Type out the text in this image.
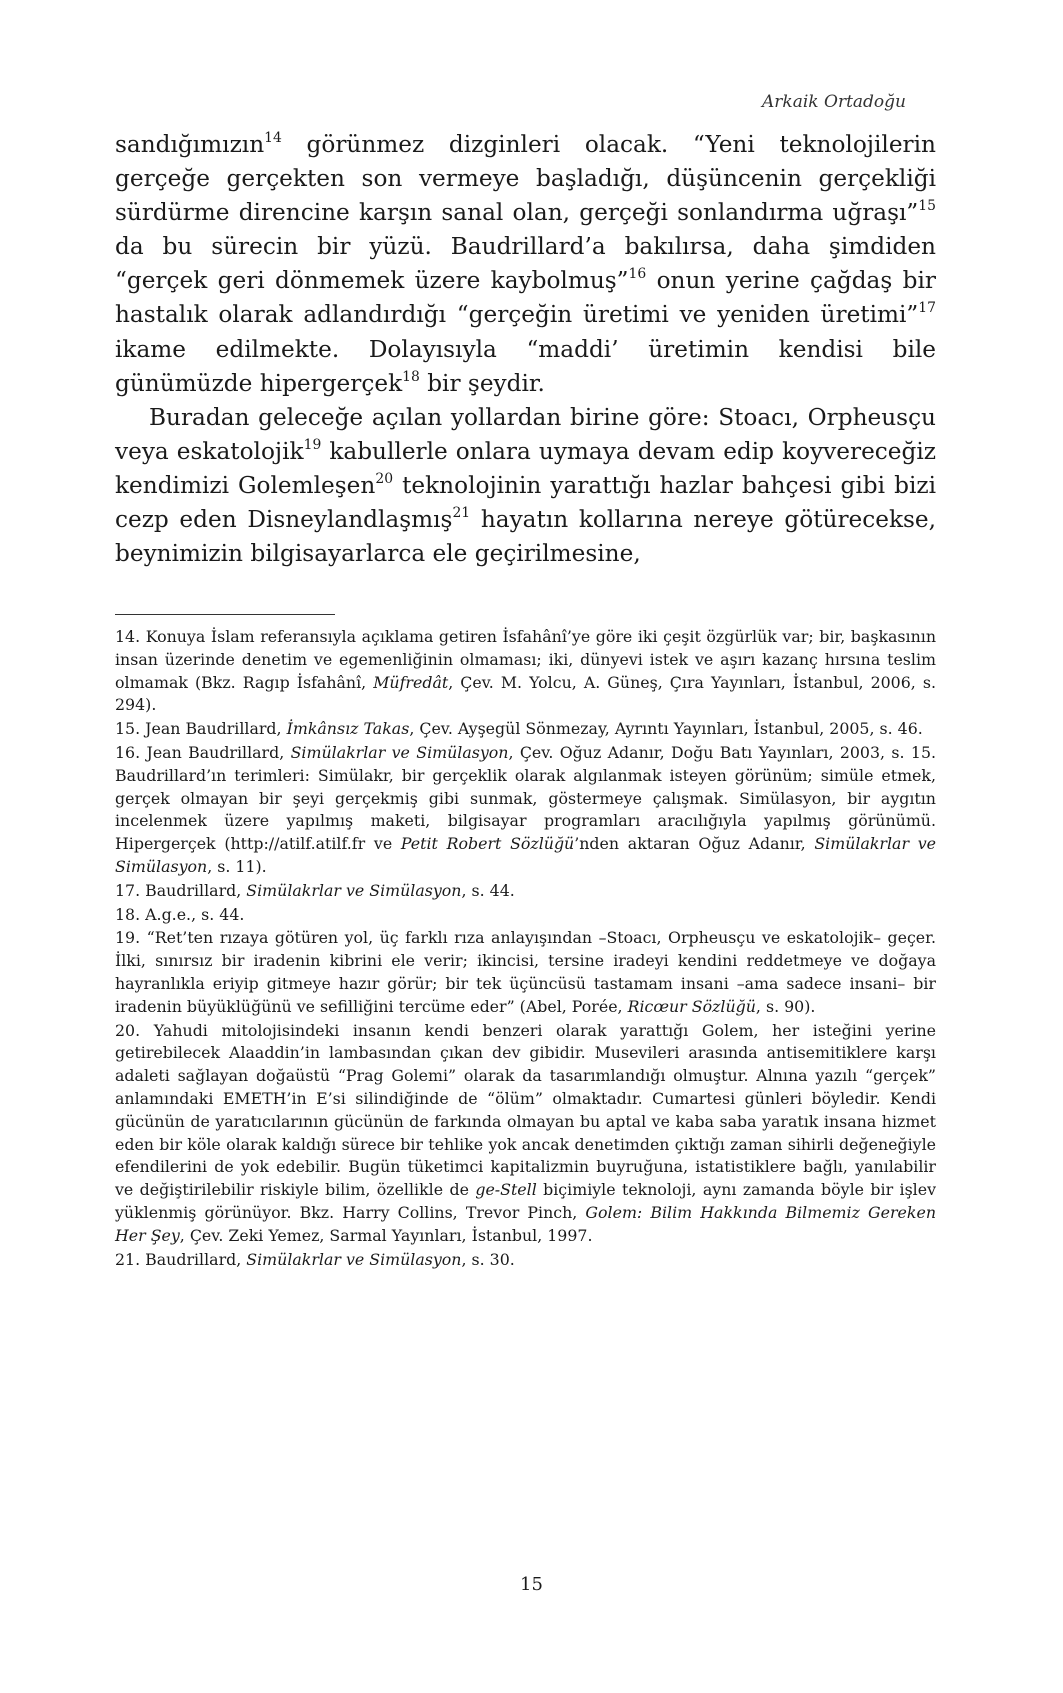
Arkaik Ortadoğu

sandığımızın$^{14}$ görünmez dizginleri olacak. “Yeni teknolojilerin gerçeğe gerçekten son vermeye başladığı, düşüncenin gerçekliği sürdürme direncine karşın sanal olan, gerçeği sonlandırma uğraşı”$^{15}$ da bu sürecin bir yüzü. Baudrillard’a bakılırsa, daha şimdiden “gerçek geri dönmemek üzere kaybolmuş”$^{16}$ onun yerine çağdaş bir hastalık olarak adlandırdığı “gerçeğin üretimi ve yeniden üretimi”$^{17}$ ikame edilmekte. Dolayısıyla “maddi’ üretimin kendisi bile günümüzde hipergerçek$^{18}$ bir şeydir.

Buradan geleceğe açılan yollardan birine göre: Stoacı, Orpheusçu veya eskatolojik$^{19}$ kabullerle onlara uymaya devam edip koyvereceğiz kendimizi Golemleşen$^{20}$ teknolojinin yarattığı hazlar bahçesi gibi bizi cezp eden Disneylandlaşmış$^{21}$ hayatın kollarına nereye götürecekse, beynimizin bilgisayarlarca ele geçirilmesine,

14. Konuya İslam referansıyla açıklama getiren İsfahânî’ye göre iki çeşit özgürlük var; bir, başkasının insan üzerinde denetim ve egemenliğinin olmaması; iki, dünyevi istek ve aşırı kazanç hırsına teslim olmamak (Bkz. Ragıp İsfahânî, Müfredât, Çev. M. Yolcu, A. Güneş, Çıra Yayınları, İstanbul, 2006, s. 294).

15. Jean Baudrillard, İmkânsız Takas, Çev. Ayşegül Sönmezay, Ayrıntı Yayınları, İstanbul, 2005, s. 46.

16. Jean Baudrillard, Simülakrlar ve Simülasyon, Çev. Oğuz Adanır, Doğu Batı Yayınları, 2003, s. 15. Baudrillard’ın terimleri: Simülakr, bir gerçeklik olarak algılanmak isteyen görünüm; simüle etmek, gerçek olmayan bir şeyi gerçekmiş gibi sunmak, göstermeye çalışmak. Simülasyon, bir aygıtın incelenmek üzere yapılmış maketi, bilgisayar programları aracılığıyla yapılmış görünümü. Hipergerçek (http://atilf.atilf.fr ve Petit Robert Sözlüğü’nden aktaran Oğuz Adanır, Simülakrlar ve Simülasyon, s. 11).

17. Baudrillard, Simülakrlar ve Simülasyon, s. 44.

18. A.g.e., s. 44.

19. “Ret’ten rızaya götüren yol, üç farklı rıza anlayışından –Stoacı, Orpheusçu ve eskatolojik– geçer. İlki, sınırsız bir iradenin kibrini ele verir; ikincisi, tersine iradeyi kendini reddetmeye ve doğaya hayranlıkla eriyip gitmeye hazır görür; bir tek üçüncüsü tastamam insani –ama sadece insani– bir iradenin büyüklüğünü ve sefilliğini tercüme eder” (Abel, Porée, Ricœur Sözlüğü, s. 90).

20. Yahudi mitolojisindeki insanın kendi benzeri olarak yarattığı Golem, her isteğini yerine getirebilecek Alaaddin’in lambasından çıkan dev gibidir. Musevileri arasında antisemitiklere karşı adaleti sağlayan doğaüstü “Prag Golemi” olarak da tasarımlandığı olmuştur. Alnına yazılı “gerçek” anlamındaki EMETH’in E’si silindiğinde de “ölüm” olmaktadır. Cumartesi günleri böyledir. Kendi gücünün de yaratıcılarının gücünün de farkında olmayan bu aptal ve kaba saba yaratık insana hizmet eden bir köle olarak kaldığı sürece bir tehlike yok ancak denetimden çıktığı zaman sihirli değeneğiyle efendilerini de yok edebilir. Bugün tüketimci kapitalizmin buyruğuna, istatistiklere bağlı, yanılabilir ve değiştirilebilir riskiyle bilim, özellikle de ge-Stell biçimiyle teknoloji, aynı zamanda böyle bir işlev yüklenmiş görünüyor. Bkz. Harry Collins, Trevor Pinch, Golem: Bilim Hakkında Bilmemiz Gereken Her Şey, Çev. Zeki Yemez, Sarmal Yayınları, İstanbul, 1997.

21. Baudrillard, Simülakrlar ve Simülasyon, s. 30.

15
